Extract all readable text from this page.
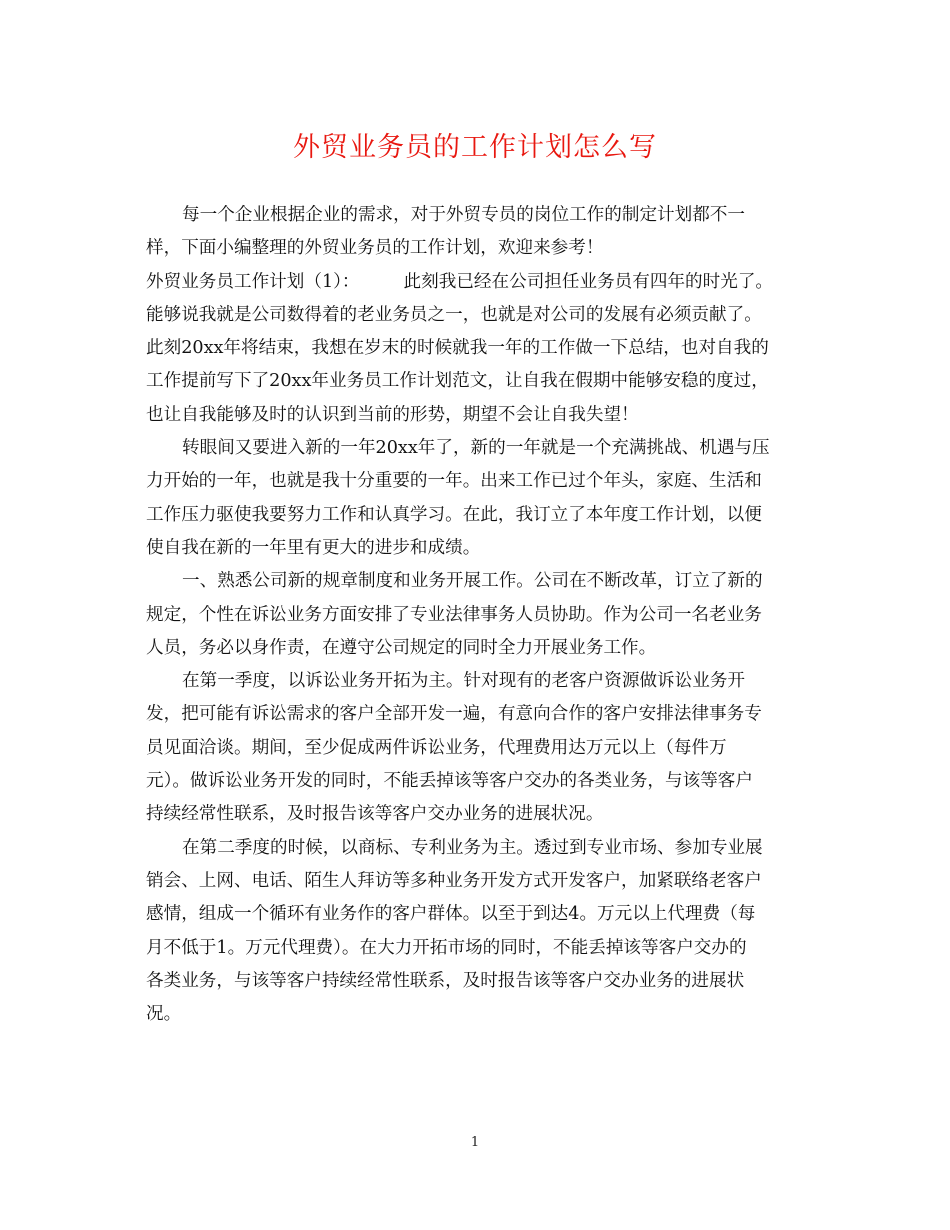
外贸业务员的工作计划怎么写
每一个企业根据企业的需求，对于外贸专员的岗位工作的制定计划都不一
样，下面小编整理的外贸业务员的工作计划，欢迎来参考！
外贸业务员工作计划（1）：	此刻我已经在公司担任业务员有四年的时光了。
能够说我就是公司数得着的老业务员之一，也就是对公司的发展有必须贡献了。
此刻20xx年将结束，我想在岁末的时候就我一年的工作做一下总结，也对自我的
工作提前写下了20xx年业务员工作计划范文，让自我在假期中能够安稳的度过，
也让自我能够及时的认识到当前的形势，期望不会让自我失望！
转眼间又要进入新的一年20xx年了，新的一年就是一个充满挑战、机遇与压
力开始的一年，也就是我十分重要的一年。出来工作已过个年头，家庭、生活和
工作压力驱使我要努力工作和认真学习。在此，我订立了本年度工作计划，以便
使自我在新的一年里有更大的进步和成绩。
一、熟悉公司新的规章制度和业务开展工作。公司在不断改革，订立了新的
规定，个性在诉讼业务方面安排了专业法律事务人员协助。作为公司一名老业务
人员，务必以身作责，在遵守公司规定的同时全力开展业务工作。
在第一季度，以诉讼业务开拓为主。针对现有的老客户资源做诉讼业务开
发，把可能有诉讼需求的客户全部开发一遍，有意向合作的客户安排法律事务专
员见面洽谈。期间，至少促成两件诉讼业务，代理费用达万元以上（每件万
元）。做诉讼业务开发的同时，不能丢掉该等客户交办的各类业务，与该等客户
持续经常性联系，及时报告该等客户交办业务的进展状况。
在第二季度的时候，以商标、专利业务为主。透过到专业市场、参加专业展
销会、上网、电话、陌生人拜访等多种业务开发方式开发客户，加紧联络老客户
感情，组成一个循环有业务作的客户群体。以至于到达4。万元以上代理费（每
月不低于1。万元代理费）。在大力开拓市场的同时，不能丢掉该等客户交办的
各类业务，与该等客户持续经常性联系，及时报告该等客户交办业务的进展状
况。
1
